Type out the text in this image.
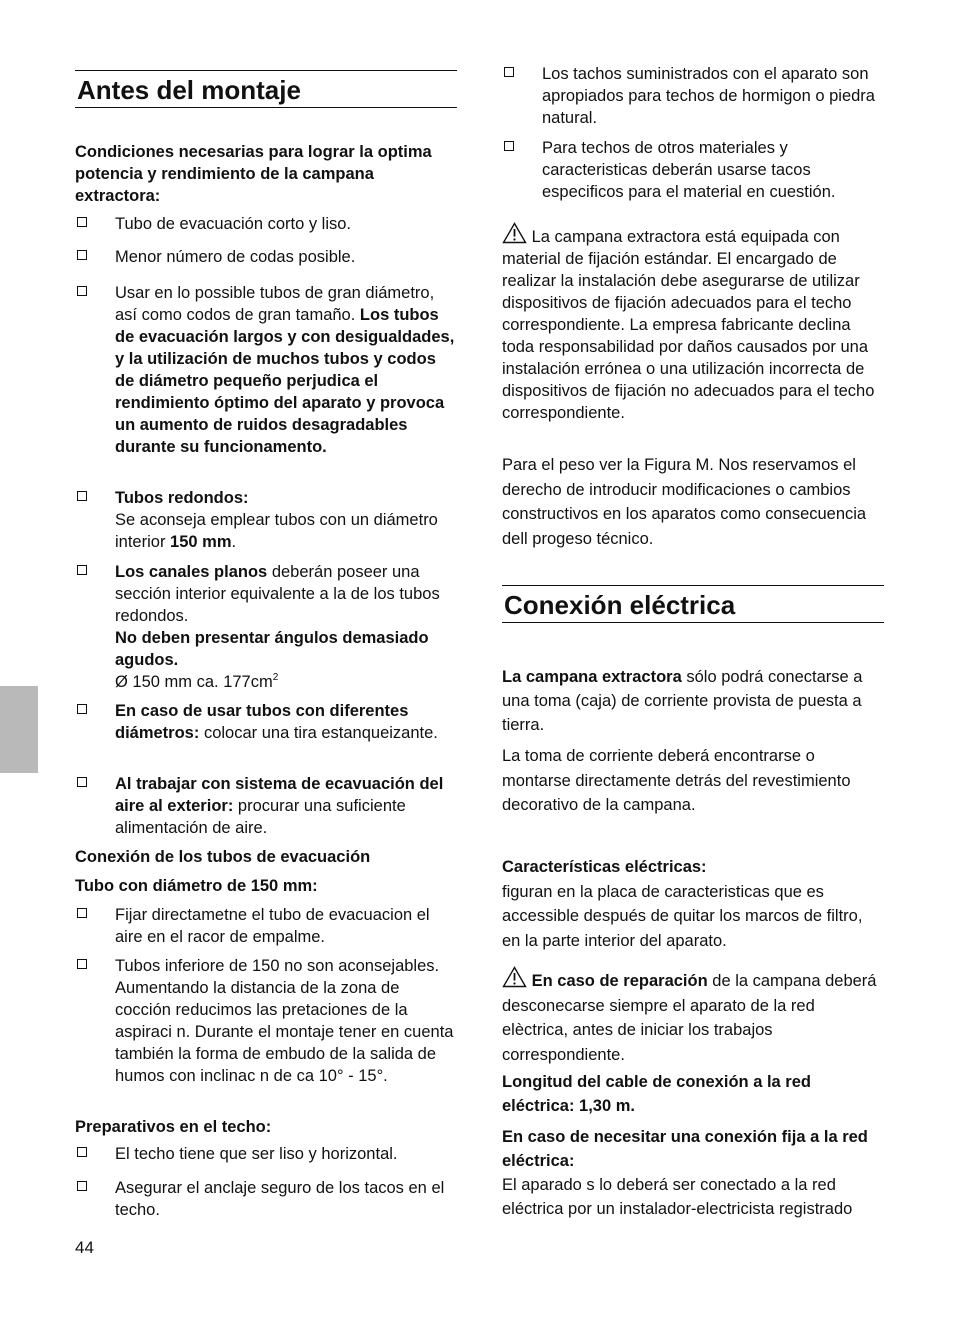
Antes del montaje

Condiciones necesarias para lograr la optima potencia y rendimiento de la campana extractora:

Tubo de evacuación corto y liso.
Menor número de codas posible.
Usar en lo possible tubos de gran diámetro, así como codos de gran tamaño. Los tubos de evacuación largos y con desigualdades, y la utilización de muchos tubos y codos de diámetro pequeño perjudica el rendimiento óptimo del aparato y provoca un aumento de ruidos desagradables durante su funcionamento.
Tubos redondos:
Se aconseja emplear tubos con un diámetro interior 150 mm.
Los canales planos deberán poseer una sección interior equivalente a la de los tubos redondos.
No deben presentar ángulos demasiado agudos.
Ø 150 mm ca. $177cm^2$
En caso de usar tubos con diferentes diámetros: colocar una tira estanqueizante.
Al trabajar con sistema de ecavuación del aire al exterior: procurar una suficiente alimentación de aire.

Conexión de los tubos de evacuación

Tubo con diámetro de 150 mm:

Fijar directametne el tubo de evacuacion el aire en el racor de empalme.
Tubos inferiore de 150 no son aconsejables. Aumentando la distancia de la zona de cocción reducimos las pretaciones de la aspiraci n. Durante el montaje tener en cuenta también la forma de embudo de la salida de humos con inclinac n de ca 10° - 15°.

Preparativos en el techo:

El techo tiene que ser liso y horizontal.
Asegurar el anclaje seguro de los tacos en el techo.
Los tachos suministrados con el aparato son apropiados para techos de hormigon o piedra natural.
Para techos de otros materiales y caracteristicas deberán usarse tacos especificos para el material en cuestión.

La campana extractora está equipada con material de fijación estándar. El encargado de realizar la instalación debe asegurarse de utilizar dispositivos de fijación adecuados para el techo correspondiente. La empresa fabricante declina toda responsabilidad por daños causados por una instalación errónea o una utilización incorrecta de dispositivos de fijación no adecuados para el techo correspondiente.

Para el peso ver la Figura M. Nos reservamos el derecho de introducir modificaciones o cambios constructivos en los aparatos como consecuencia dell progeso técnico.

Conexión eléctrica

La campana extractora sólo podrá conectarse a una toma (caja) de corriente provista de puesta a tierra.

La toma de corriente deberá encontrarse o montarse directamente detrás del revestimiento decorativo de la campana.

Características eléctricas:
figuran en la placa de caracteristicas que es accessible después de quitar los marcos de filtro, en la parte interior del aparato.

En caso de reparación de la campana deberá desconecarse siempre el aparato de la red elèctrica, antes de iniciar los trabajos correspondiente.

Longitud del cable de conexión a la red eléctrica: 1,30 m.

En caso de necesitar una conexión fija a la red eléctrica:
El aparado s lo deberá ser conectado a la red eléctrica por un instalador-electricista registrado

44
